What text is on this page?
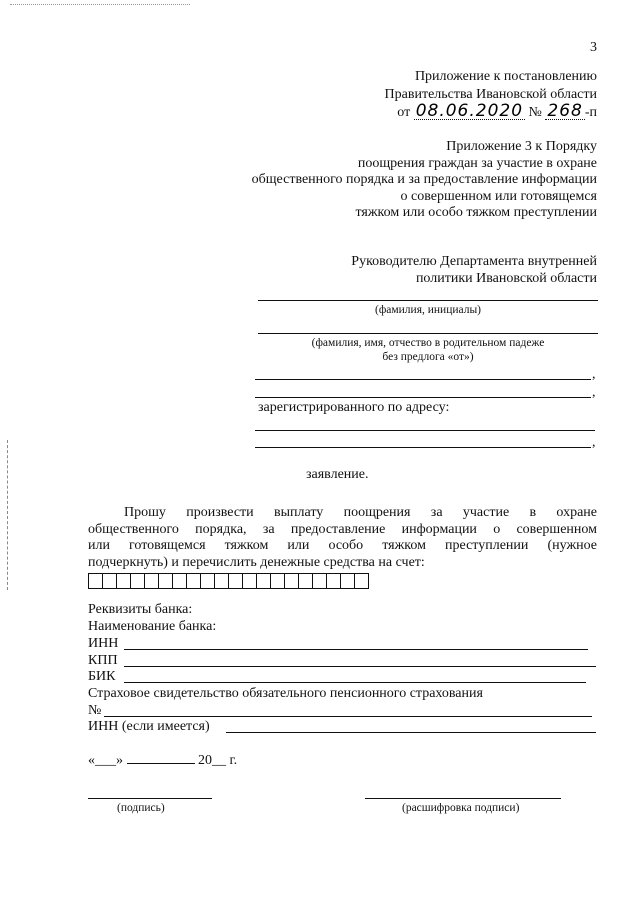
3
Приложение к постановлению
Правительства Ивановской области
от 08.06.2020 № 268 -п
Приложение 3 к Порядку
поощрения граждан за участие в охране
общественного порядка и за предоставление информации
о совершенном или готовящемся
тяжком или особо тяжком преступлении
Руководителю Департамента внутренней
политики Ивановской области
(фамилия, инициалы)
(фамилия, имя, отчество в родительном падеже
без предлога «от»)
,
,
зарегистрированного по адресу:
,
заявление.
Прошу произвести выплату поощрения за участие в охране
общественного порядка, за предоставление информации о совершенном
или готовящемся тяжком или особо тяжком преступлении (нужное
подчеркнуть) и перечислить денежные средства на счет:
Реквизиты банка:
Наименование банка:
ИНН
КПП
БИК
Страховое свидетельство обязательного пенсионного страхования
№
ИНН (если имеется)
«___»	20__ г.
(подпись)	(расшифровка подписи)
